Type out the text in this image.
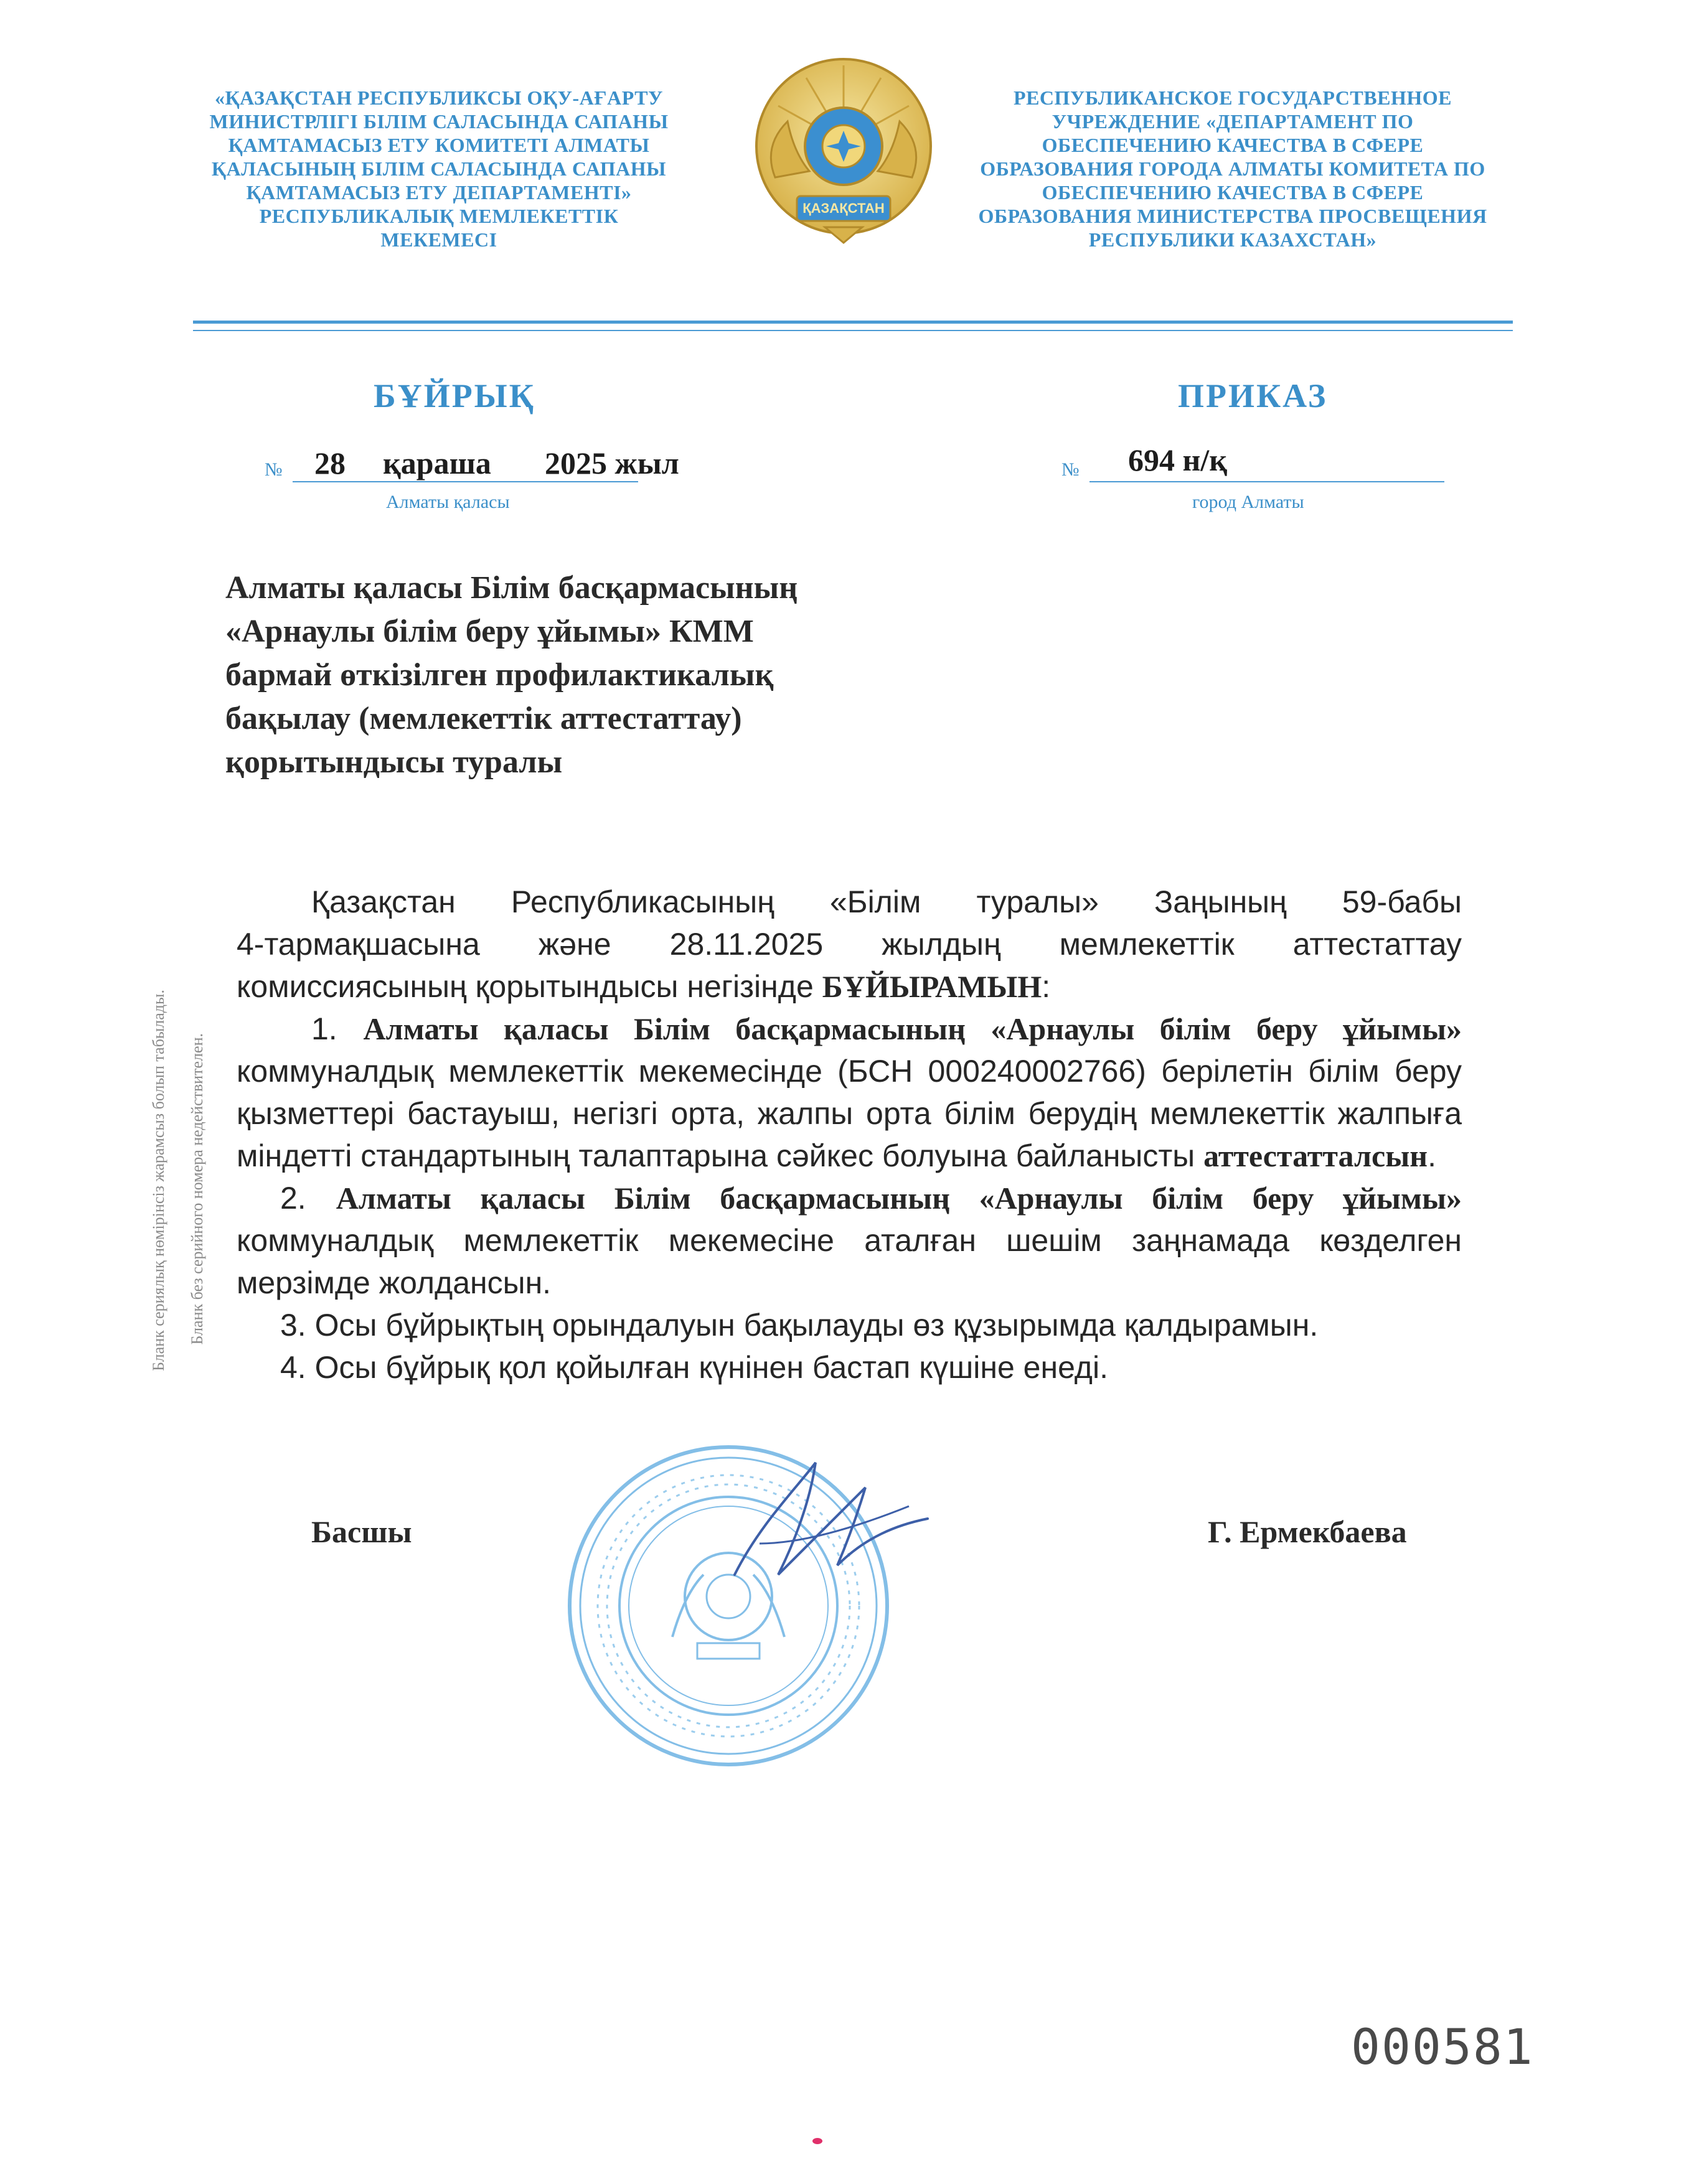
«ҚАЗАҚСТАН РЕСПУБЛИКСЫ ОҚУ-АҒАРТУ
МИНИСТРЛІГІ БІЛІМ САЛАСЫНДА САПАНЫ
ҚАМТАМАСЫЗ ЕТУ КОМИТЕТІ АЛМАТЫ
ҚАЛАСЫНЫҢ БІЛІМ САЛАСЫНДА САПАНЫ
ҚАМТАМАСЫЗ ЕТУ ДЕПАРТАМЕНТІ»
РЕСПУБЛИКАЛЫҚ МЕМЛЕКЕТТІК
МЕКЕМЕСІ
ҚАЗАҚСТАН
РЕСПУБЛИКАНСКОЕ ГОСУДАРСТВЕННОЕ
УЧРЕЖДЕНИЕ «ДЕПАРТАМЕНТ ПО
ОБЕСПЕЧЕНИЮ КАЧЕСТВА В СФЕРЕ
ОБРАЗОВАНИЯ ГОРОДА АЛМАТЫ КОМИТЕТА ПО
ОБЕСПЕЧЕНИЮ КАЧЕСТВА В СФЕРЕ
ОБРАЗОВАНИЯ МИНИСТЕРСТВА ПРОСВЕЩЕНИЯ
РЕСПУБЛИКИ КАЗАХСТАН»
БҰЙРЫҚ	ПРИКАЗ
№ 28 қараша 2025 жыл
Алматы қаласы
№ 694 н/қ
город Алматы
Алматы қаласы Білім басқармасының
«Арнаулы білім беру ұйымы» КММ
бармай өткізілген профилактикалық
бақылау (мемлекеттік аттестаттау)
қорытындысы туралы

Қазақстан Республикасының «Білім туралы» Заңының 59-бабы

4-тармақшасына және 28.11.2025 жылдың мемлекеттік аттестаттау

комиссиясының қорытындысы негізінде БҰЙЫРАМЫН:

1. Алматы қаласы Білім басқармасының «Арнаулы білім беру ұйымы» коммуналдық мемлекеттік мекемесінде (БСН 000240002766) берілетін білім беру қызметтері бастауыш, негізгі орта, жалпы орта білім берудің мемлекеттік жалпыға міндетті стандартының талаптарына сәйкес болуына байланысты аттестатталсын.

2. Алматы қаласы Білім басқармасының «Арнаулы білім беру ұйымы» коммуналдық мемлекеттік мекемесіне аталған шешім заңнамада көзделген мерзімде жолдансын.

3. Осы бұйрықтың орындалуын бақылауды өз құзырымда қалдырамын.

4. Осы бұйрық қол қойылған күнінен бастап күшіне енеді.

Басшы	Г. Ермекбаева
Бланк сериялық нөмірінсіз жарамсыз болып табылады. Бланк без серийного номера недействителен.
000581
